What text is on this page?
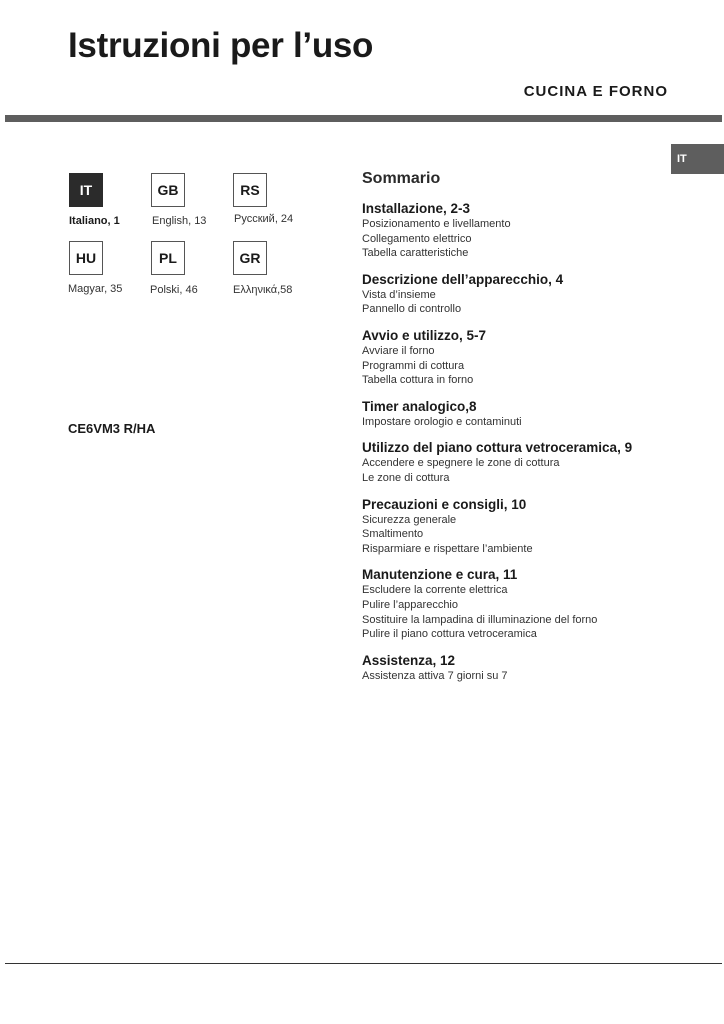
Istruzioni per l’uso
CUCINA E FORNO
IT
IT
Italiano, 1
GB
English, 13
RS
Русский, 24
HU
Magyar, 35
PL
Polski, 46
GR
Ελληνικά,58
CE6VM3 R/HA
Sommario
Installazione, 2-3
Posizionamento e livellamento
Collegamento elettrico
Tabella caratteristiche
Descrizione dell’apparecchio, 4
Vista d’insieme
Pannello di controllo
Avvio e utilizzo, 5-7
Avviare il forno
Programmi di cottura
Tabella cottura in forno
Timer analogico,8
Impostare orologio e contaminuti
Utilizzo del piano cottura vetroceramica, 9
Accendere e spegnere le zone di cottura
Le zone di cottura
Precauzioni e consigli, 10
Sicurezza generale
Smaltimento
Risparmiare e rispettare l’ambiente
Manutenzione e cura, 11
Escludere la corrente elettrica
Pulire l’apparecchio
Sostituire la lampadina di illuminazione del forno
Pulire il piano cottura vetroceramica
Assistenza, 12
Assistenza attiva 7 giorni su 7
